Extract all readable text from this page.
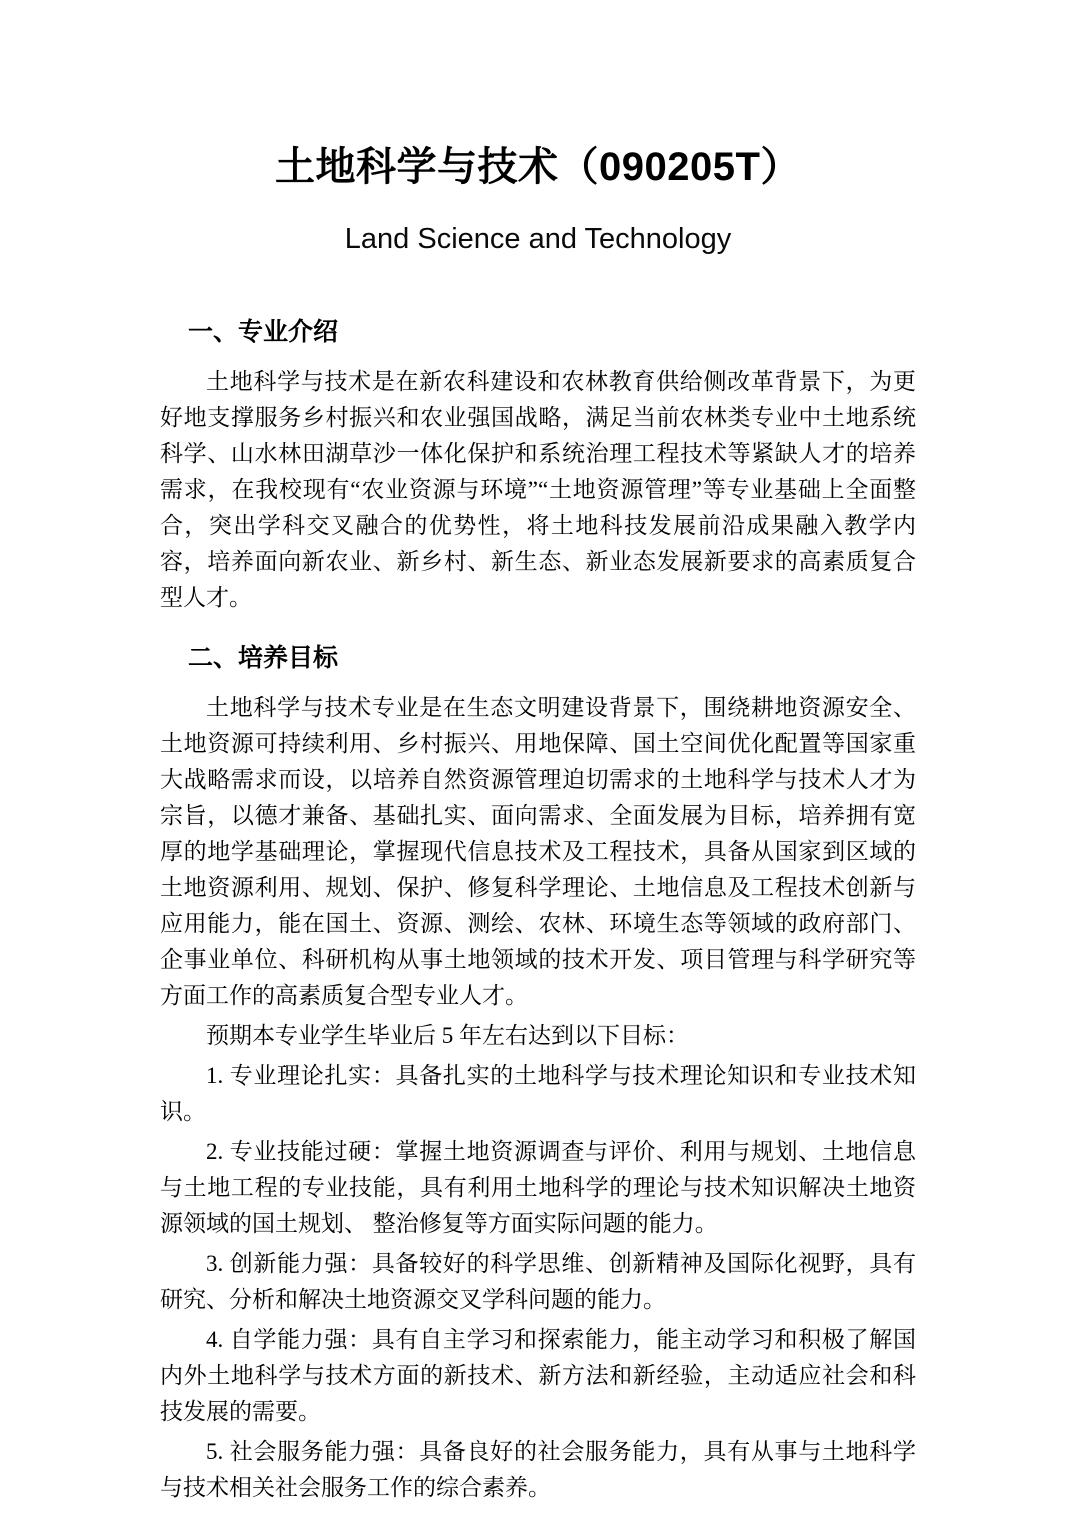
土地科学与技术（090205T）
Land Science and Technology
一、专业介绍

土地科学与技术是在新农科建设和农林教育供给侧改革背景下，为更好地支撑服务乡村振兴和农业强国战略，满足当前农林类专业中土地系统科学、山水林田湖草沙一体化保护和系统治理工程技术等紧缺人才的培养需求，在我校现有“农业资源与环境”“土地资源管理”等专业基础上全面整合，突出学科交叉融合的优势性，将土地科技发展前沿成果融入教学内容，培养面向新农业、新乡村、新生态、新业态发展新要求的高素质复合型人才。

二、培养目标

土地科学与技术专业是在生态文明建设背景下，围绕耕地资源安全、土地资源可持续利用、乡村振兴、用地保障、国土空间优化配置等国家重大战略需求而设，以培养自然资源管理迫切需求的土地科学与技术人才为宗旨，以德才兼备、基础扎实、面向需求、全面发展为目标，培养拥有宽厚的地学基础理论，掌握现代信息技术及工程技术，具备从国家到区域的土地资源利用、规划、保护、修复科学理论、土地信息及工程技术创新与应用能力，能在国土、资源、测绘、农林、环境生态等领域的政府部门、企事业单位、科研机构从事土地领域的技术开发、项目管理与科学研究等方面工作的高素质复合型专业人才。

预期本专业学生毕业后 5 年左右达到以下目标：

1. 专业理论扎实：具备扎实的土地科学与技术理论知识和专业技术知识。

2. 专业技能过硬：掌握土地资源调查与评价、利用与规划、土地信息与土地工程的专业技能，具有利用土地科学的理论与技术知识解决土地资源领域的国土规划、 整治修复等方面实际问题的能力。

3. 创新能力强：具备较好的科学思维、创新精神及国际化视野，具有研究、分析和解决土地资源交叉学科问题的能力。

4. 自学能力强：具有自主学习和探索能力，能主动学习和积极了解国内外土地科学与技术方面的新技术、新方法和新经验，主动适应社会和科技发展的需要。

5. 社会服务能力强：具备良好的社会服务能力，具有从事与土地科学与技术相关社会服务工作的综合素养。
